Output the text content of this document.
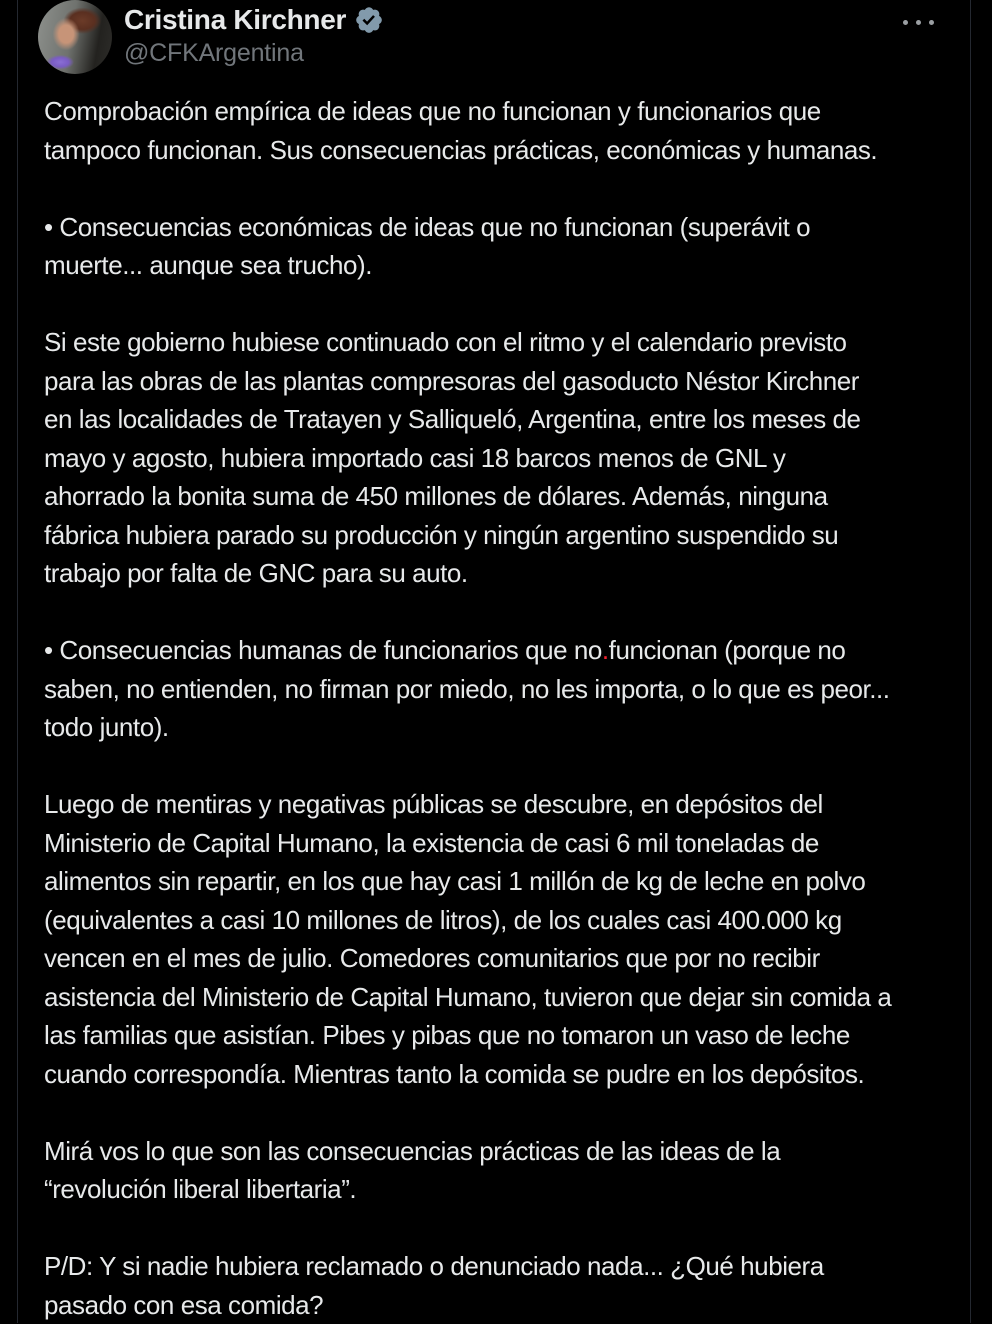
Cristina Kirchner
@CFKArgentina
Comprobación empírica de ideas que no funcionan y funcionarios que tampoco funcionan. Sus consecuencias prácticas, económicas y humanas.
• Consecuencias económicas de ideas que no funcionan (superávit o muerte... aunque sea trucho).
Si este gobierno hubiese continuado con el ritmo y el calendario previsto para las obras de las plantas compresoras del gasoducto Néstor Kirchner en las localidades de Tratayen y Salliqueló, Argentina, entre los meses de mayo y agosto, hubiera importado casi 18 barcos menos de GNL y ahorrado la bonita suma de 450 millones de dólares. Además, ninguna fábrica hubiera parado su producción y ningún argentino suspendido su trabajo por falta de GNC para su auto.
• Consecuencias humanas de funcionarios que no.funcionan (porque no saben, no entienden, no firman por miedo, no les importa, o lo que es peor... todo junto).
Luego de mentiras y negativas públicas se descubre, en depósitos del Ministerio de Capital Humano, la existencia de casi 6 mil toneladas de alimentos sin repartir, en los que hay casi 1 millón de kg de leche en polvo (equivalentes a casi 10 millones de litros), de los cuales casi 400.000 kg vencen en el mes de julio. Comedores comunitarios que por no recibir asistencia del Ministerio de Capital Humano, tuvieron que dejar sin comida a las familias que asistían. Pibes y pibas que no tomaron un vaso de leche cuando correspondía. Mientras tanto la comida se pudre en los depósitos.
Mirá vos lo que son las consecuencias prácticas de las ideas de la “revolución liberal libertaria”.
P/D: Y si nadie hubiera reclamado o denunciado nada... ¿Qué hubiera pasado con esa comida?
